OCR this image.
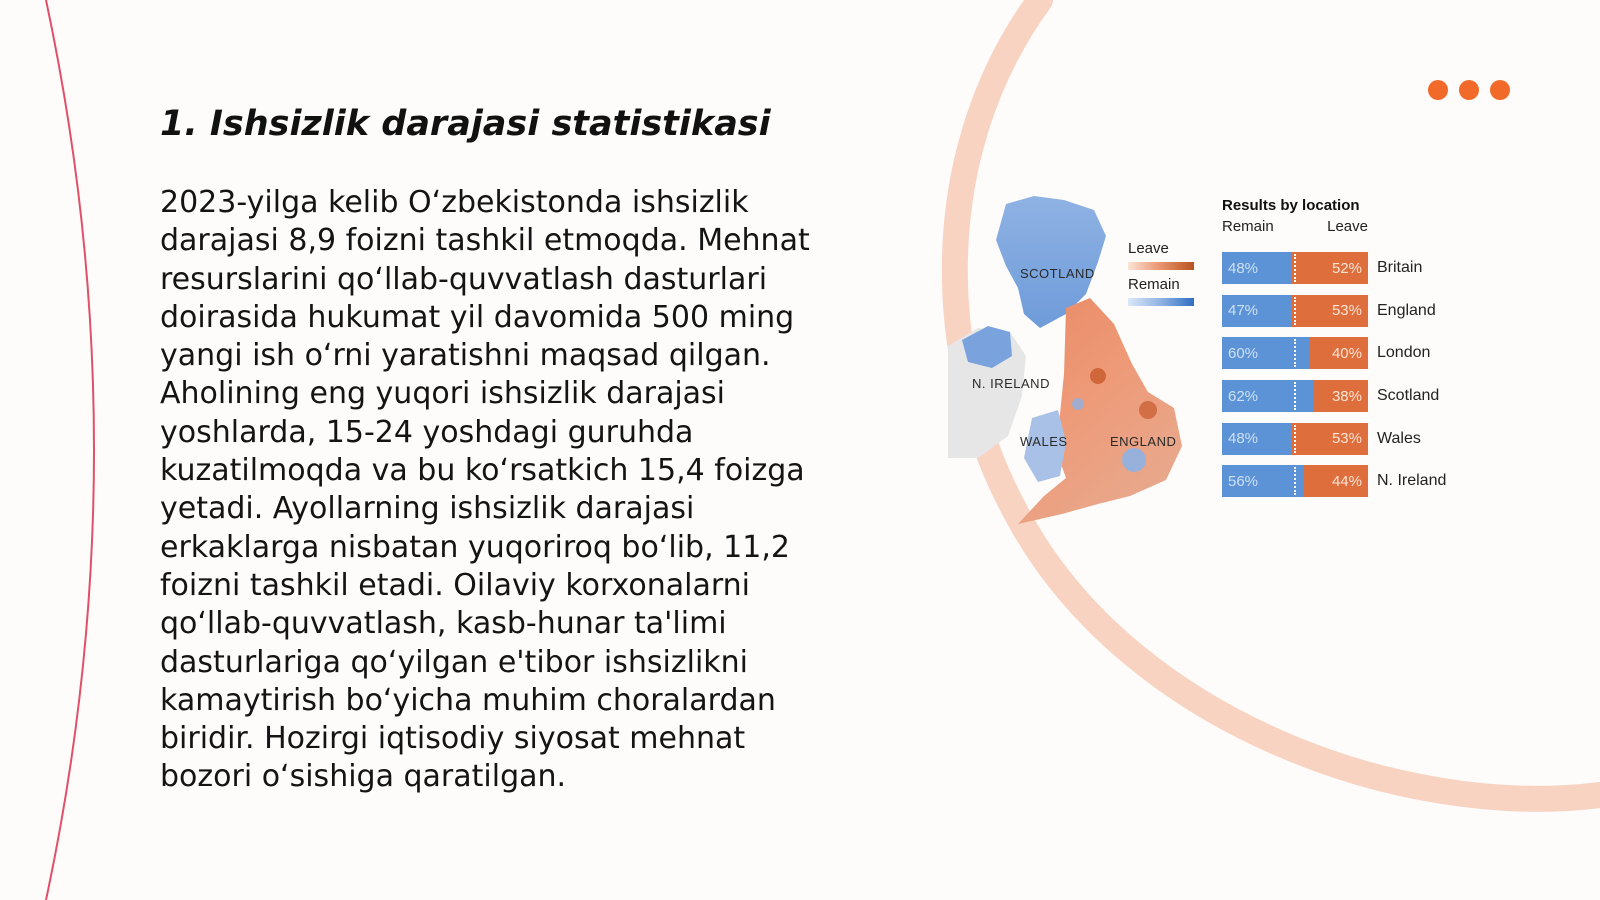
1. Ishsizlik darajasi statistikasi

2023-yilga kelib O‘zbekistonda ishsizlik darajasi 8,9 foizni tashkil etmoqda. Mehnat resurslarini qo‘llab-quvvatlash dasturlari doirasida hukumat yil davomida 500 ming yangi ish o‘rni yaratishni maqsad qilgan. Aholining eng yuqori ishsizlik darajasi yoshlarda, 15-24 yoshdagi guruhda kuzatilmoqda va bu ko‘rsatkich 15,4 foizga yetadi. Ayollarning ishsizlik darajasi erkaklarga nisbatan yuqoriroq bo‘lib, 11,2 foizni tashkil etadi. Oilaviy korxonalarni qo‘llab-quvvatlash, kasb-hunar ta'limi dasturlariga qo‘yilgan e'tibor ishsizlikni kamaytirish bo‘yicha muhim choralardan biridir. Hozirgi iqtisodiy siyosat mehnat bozori o‘sishiga qaratilgan.

SCOTLAND
N. IRELAND
WALES	ENGLAND
Leave
Remain
Results by location
Remain	Leave
48%	52% Britain
47%	53% England
60%	40% London
62%	38% Scotland
48%	53% Wales
56%	44% N. Ireland
